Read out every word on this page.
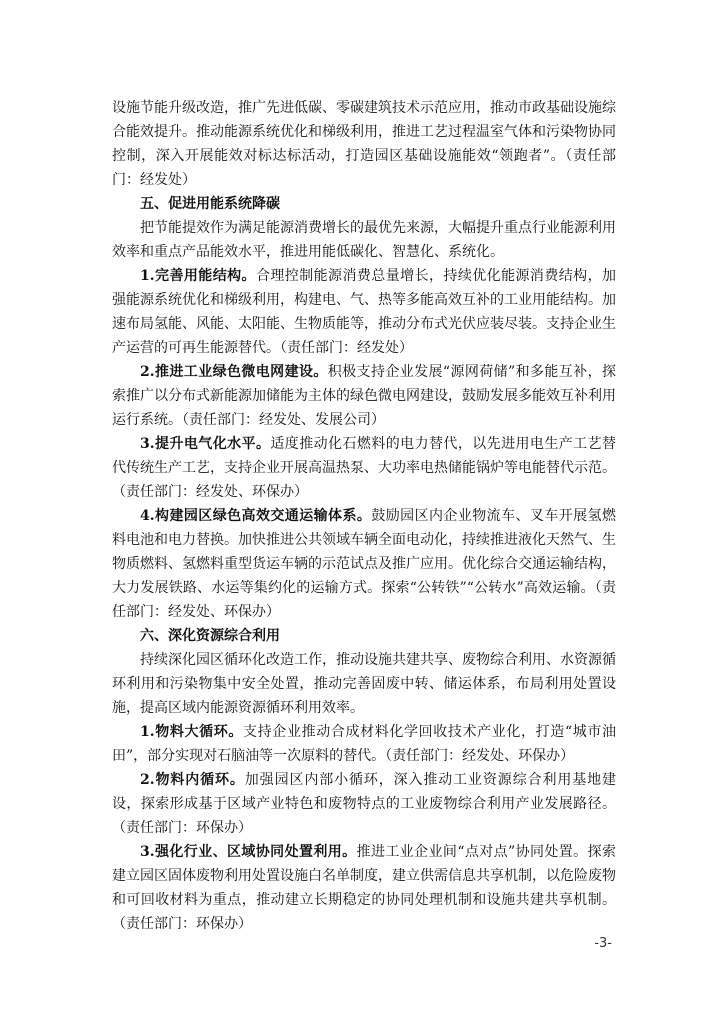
设施节能升级改造，推广先进低碳、零碳建筑技术示范应用，推动市政基础设施综合能效提升。推动能源系统优化和梯级利用，推进工艺过程温室气体和污染物协同控制，深入开展能效对标达标活动，打造园区基础设施能效“领跑者”。（责任部门：经发处）

五、促进用能系统降碳

把节能提效作为满足能源消费增长的最优先来源，大幅提升重点行业能源利用效率和重点产品能效水平，推进用能低碳化、智慧化、系统化。

1.完善用能结构。合理控制能源消费总量增长，持续优化能源消费结构，加强能源系统优化和梯级利用，构建电、气、热等多能高效互补的工业用能结构。加速布局氢能、风能、太阳能、生物质能等，推动分布式光伏应装尽装。支持企业生产运营的可再生能源替代。（责任部门：经发处）

2.推进工业绿色微电网建设。积极支持企业发展“源网荷储”和多能互补，探索推广以分布式新能源加储能为主体的绿色微电网建设，鼓励发展多能效互补利用运行系统。（责任部门：经发处、发展公司）

3.提升电气化水平。适度推动化石燃料的电力替代，以先进用电生产工艺替代传统生产工艺，支持企业开展高温热泵、大功率电热储能锅炉等电能替代示范。（责任部门：经发处、环保办）

4.构建园区绿色高效交通运输体系。鼓励园区内企业物流车、叉车开展氢燃料电池和电力替换。加快推进公共领域车辆全面电动化，持续推进液化天然气、生物质燃料、氢燃料重型货运车辆的示范试点及推广应用。优化综合交通运输结构，大力发展铁路、水运等集约化的运输方式。探索“公转铁”“公转水”高效运输。（责任部门：经发处、环保办）

六、深化资源综合利用

持续深化园区循环化改造工作，推动设施共建共享、废物综合利用、水资源循环利用和污染物集中安全处置，推动完善固废中转、储运体系，布局利用处置设施，提高区域内能源资源循环利用效率。

1.物料大循环。支持企业推动合成材料化学回收技术产业化，打造“城市油田”，部分实现对石脑油等一次原料的替代。（责任部门：经发处、环保办）

2.物料内循环。加强园区内部小循环，深入推动工业资源综合利用基地建设，探索形成基于区域产业特色和废物特点的工业废物综合利用产业发展路径。（责任部门：环保办）

3.强化行业、区域协同处置利用。推进工业企业间“点对点”协同处置。探索建立园区固体废物利用处置设施白名单制度，建立供需信息共享机制，以危险废物和可回收材料为重点，推动建立长期稳定的协同处理机制和设施共建共享机制。（责任部门：环保办）

-3-
